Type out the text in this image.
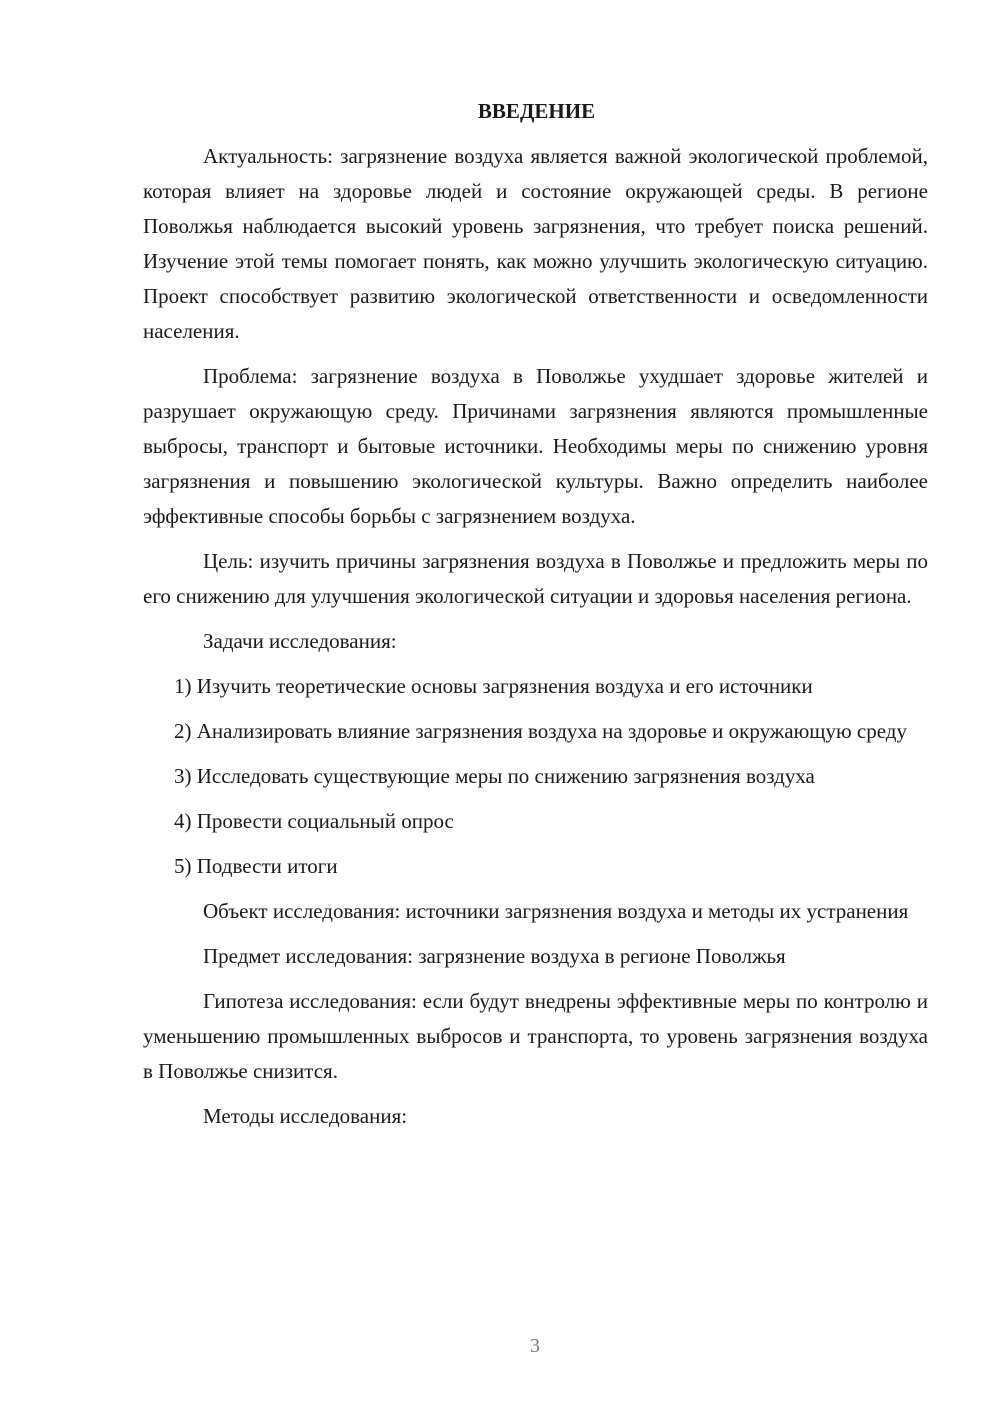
ВВЕДЕНИЕ

Актуальность: загрязнение воздуха является важной экологической проблемой, которая влияет на здоровье людей и состояние окружающей среды. В регионе Поволжья наблюдается высокий уровень загрязнения, что требует поиска решений. Изучение этой темы помогает понять, как можно улучшить экологическую ситуацию. Проект способствует развитию экологической ответственности и осведомленности населения.

Проблема: загрязнение воздуха в Поволжье ухудшает здоровье жителей и разрушает окружающую среду. Причинами загрязнения являются промышленные выбросы, транспорт и бытовые источники. Необходимы меры по снижению уровня загрязнения и повышению экологической культуры. Важно определить наиболее эффективные способы борьбы с загрязнением воздуха.

Цель: изучить причины загрязнения воздуха в Поволжье и предложить меры по его снижению для улучшения экологической ситуации и здоровья населения региона.

Задачи исследования:

1) Изучить теоретические основы загрязнения воздуха и его источники

2) Анализировать влияние загрязнения воздуха на здоровье и окружающую среду

3) Исследовать существующие меры по снижению загрязнения воздуха

4) Провести социальный опрос

5) Подвести итоги

Объект исследования: источники загрязнения воздуха и методы их устранения

Предмет исследования: загрязнение воздуха в регионе Поволжья

Гипотеза исследования: если будут внедрены эффективные меры по контролю и уменьшению промышленных выбросов и транспорта, то уровень загрязнения воздуха в Поволжье снизится.

Методы исследования:

3
